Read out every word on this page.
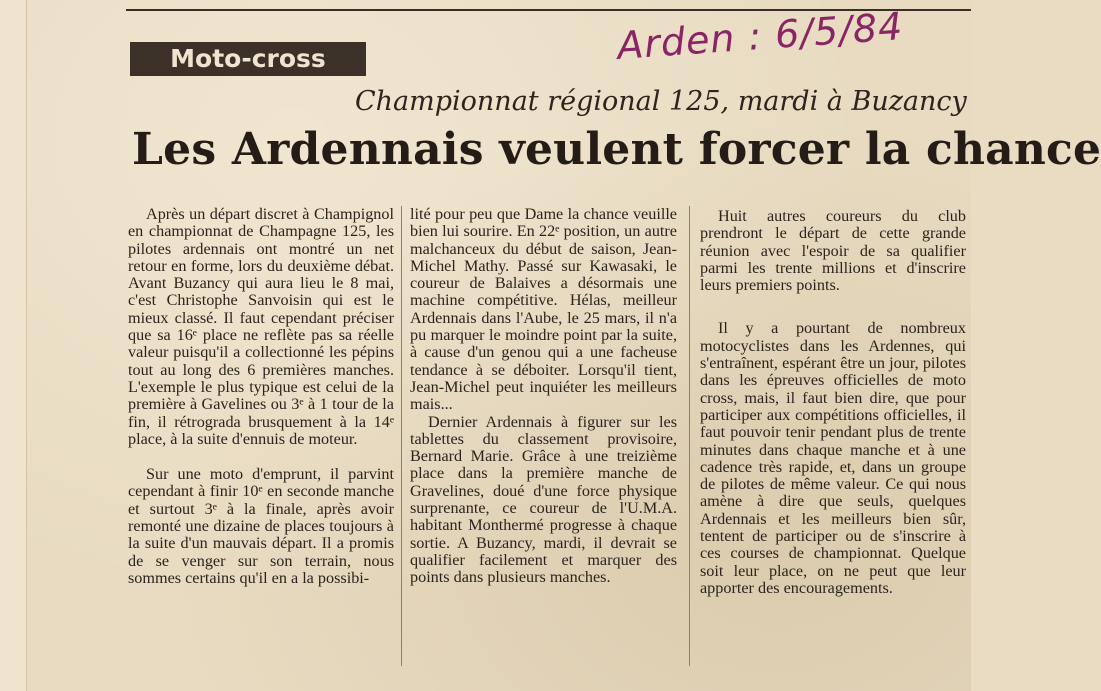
Moto-cross	Arden : 6/5/84
Championnat régional 125, mardi à Buzancy
Les Ardennais veulent forcer la chance

Après un départ discret à Champignol en championnat de Champagne 125, les pilotes ardennais ont montré un net retour en forme, lors du deuxième débat. Avant Buzancy qui aura lieu le 8 mai, c'est Christophe Sanvoisin qui est le mieux classé. Il faut cependant préciser que sa 16ᵉ place ne reflète pas sa réelle valeur puisqu'il a collectionné les pépins tout au long des 6 premières manches. L'exemple le plus typique est celui de la première à Gavelines ou 3ᵉ à 1 tour de la fin, il rétrograda brusquement à la 14ᵉ place, à la suite d'ennuis de moteur.

Sur une moto d'emprunt, il parvint cependant à finir 10ᵉ en seconde manche et surtout 3ᵉ à la finale, après avoir remonté une dizaine de places toujours à la suite d'un mauvais départ. Il a promis de se venger sur son terrain, nous sommes certains qu'il en a la possibi-

lité pour peu que Dame la chance veuille bien lui sourire. En 22ᵉ position, un autre malchanceux du début de saison, Jean-Michel Mathy. Passé sur Kawasaki, le coureur de Balaives a désormais une machine compétitive. Hélas, meilleur Ardennais dans l'Aube, le 25 mars, il n'a pu marquer le moindre point par la suite, à cause d'un genou qui a une facheuse tendance à se déboiter. Lorsqu'il tient, Jean-Michel peut inquiéter les meilleurs mais...

Dernier Ardennais à figurer sur les tablettes du classement provisoire, Bernard Marie. Grâce à une treizième place dans la première manche de Gravelines, doué d'une force physique surprenante, ce coureur de l'U.M.A. habitant Monthermé progresse à chaque sortie. A Buzancy, mardi, il devrait se qualifier facilement et marquer des points dans plusieurs manches.

Huit autres coureurs du club prendront le départ de cette grande réunion avec l'espoir de sa qualifier parmi les trente millions et d'inscrire leurs premiers points.

Il y a pourtant de nombreux motocyclistes dans les Ardennes, qui s'entraînent, espérant être un jour, pilotes dans les épreuves officielles de moto cross, mais, il faut bien dire, que pour participer aux compétitions officielles, il faut pouvoir tenir pendant plus de trente minutes dans chaque manche et à une cadence très rapide, et, dans un groupe de pilotes de même valeur. Ce qui nous amène à dire que seuls, quelques Ardennais et les meilleurs bien sûr, tentent de participer ou de s'inscrire à ces courses de championnat. Quelque soit leur place, on ne peut que leur apporter des encouragements.
